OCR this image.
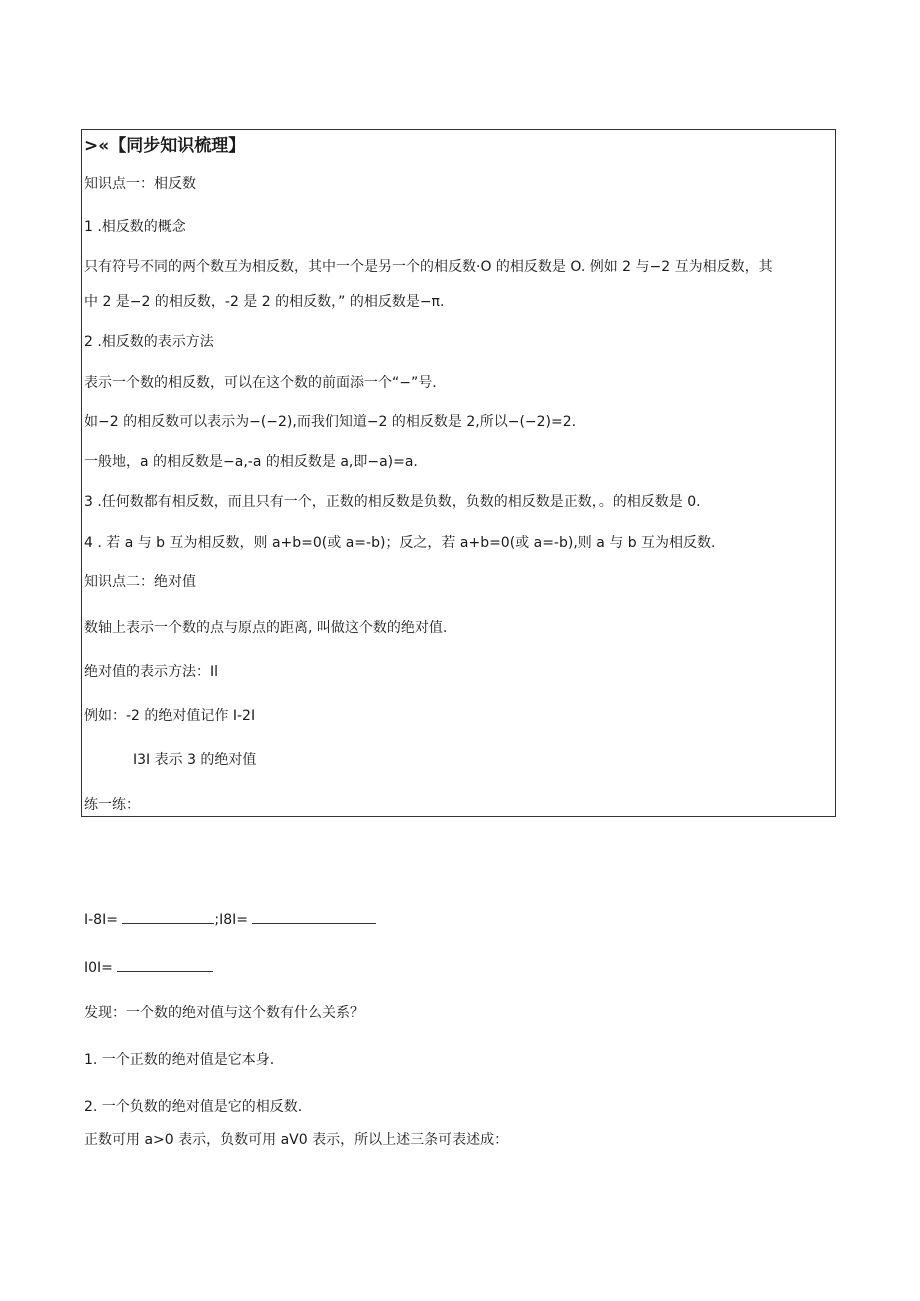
>«【同步知识梳理】
知识点一：相反数
1 .相反数的概念
只有符号不同的两个数互为相反数，其中一个是另一个的相反数·O 的相反数是 O. 例如 2 与−2 互为相反数，其
中 2 是−2 的相反数，-2 是 2 的相反数，” 的相反数是−π.
2 .相反数的表示方法
表示一个数的相反数，可以在这个数的前面添一个“−”号.
如−2 的相反数可以表示为−(−2),而我们知道−2 的相反数是 2,所以−(−2)=2.
一般地，a 的相反数是−a,-a 的相反数是 a,即−a)=a.
3 .任何数都有相反数，而且只有一个，正数的相反数是负数，负数的相反数是正数，。的相反数是 0.
4 . 若 a 与 b 互为相反数，则 a+b=0(或 a=-b)；反之，若 a+b=0(或 a=-b),则 a 与 b 互为相反数.
知识点二：绝对值
数轴上表示一个数的点与原点的距离, 叫做这个数的绝对值.
绝对值的表示方法：Il
例如：-2 的绝对值记作 I-2I
I3I 表示 3 的绝对值
练一练：
I-8I=	;I8I=
I0I=
发现：一个数的绝对值与这个数有什么关系？
1. 一个正数的绝对值是它本身.
2. 一个负数的绝对值是它的相反数.
正数可用 a>0 表示，负数可用 aV0 表示，所以上述三条可表述成：
